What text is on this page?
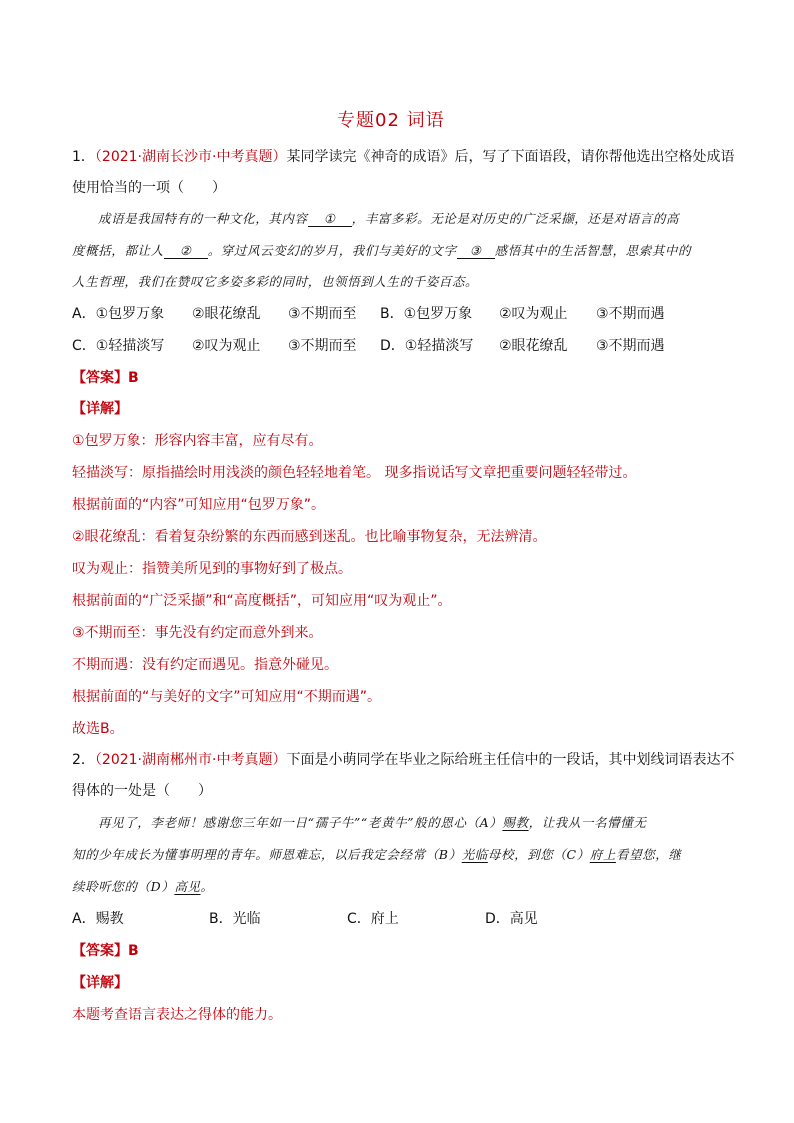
专题02 词语
1．（2021·湖南长沙市·中考真题）某同学读完《神奇的成语》后，写了下面语段，请你帮他选出空格处成语
使用恰当的一项（　　）
成语是我国特有的一种文化，其内容 ① ，丰富多彩。无论是对历史的广泛采撷，还是对语言的高
度概括，都让人 ② 。穿过风云变幻的岁月，我们与美好的文字 ③ 感悟其中的生活智慧，思索其中的
人生哲理，我们在赞叹它多姿多彩的同时，也领悟到人生的千姿百态。
A．①包罗万象 ②眼花缭乱 ③不期而至 B．①包罗万象 ②叹为观止 ③不期而遇
C．①轻描淡写 ②叹为观止 ③不期而至 D．①轻描淡写 ②眼花缭乱 ③不期而遇
【答案】B
【详解】
①包罗万象：形容内容丰富，应有尽有。
轻描淡写：原指描绘时用浅淡的颜色轻轻地着笔。 现多指说话写文章把重要问题轻轻带过。
根据前面的“内容”可知应用“包罗万象”。
②眼花缭乱：看着复杂纷繁的东西而感到迷乱。也比喻事物复杂，无法辨清。
叹为观止：指赞美所见到的事物好到了极点。
根据前面的“广泛采撷”和“高度概括”，可知应用“叹为观止”。
③不期而至：事先没有约定而意外到来。
不期而遇：没有约定而遇见。指意外碰见。
根据前面的“与美好的文字”可知应用“不期而遇”。
故选B。
2．（2021·湖南郴州市·中考真题）下面是小萌同学在毕业之际给班主任信中的一段话，其中划线词语表达不
得体的一处是（　　）
再见了，李老师！感谢您三年如一日“孺子牛”“老黄牛”般的恩心（A）赐教，让我从一名懵懂无
知的少年成长为懂事明理的青年。师恩难忘，以后我定会经常（B）光临母校，到您（C）府上看望您，继
续聆听您的（D）高见。
A．赐教	B．光临	C．府上	D．高见
【答案】B
【详解】
本题考查语言表达之得体的能力。
